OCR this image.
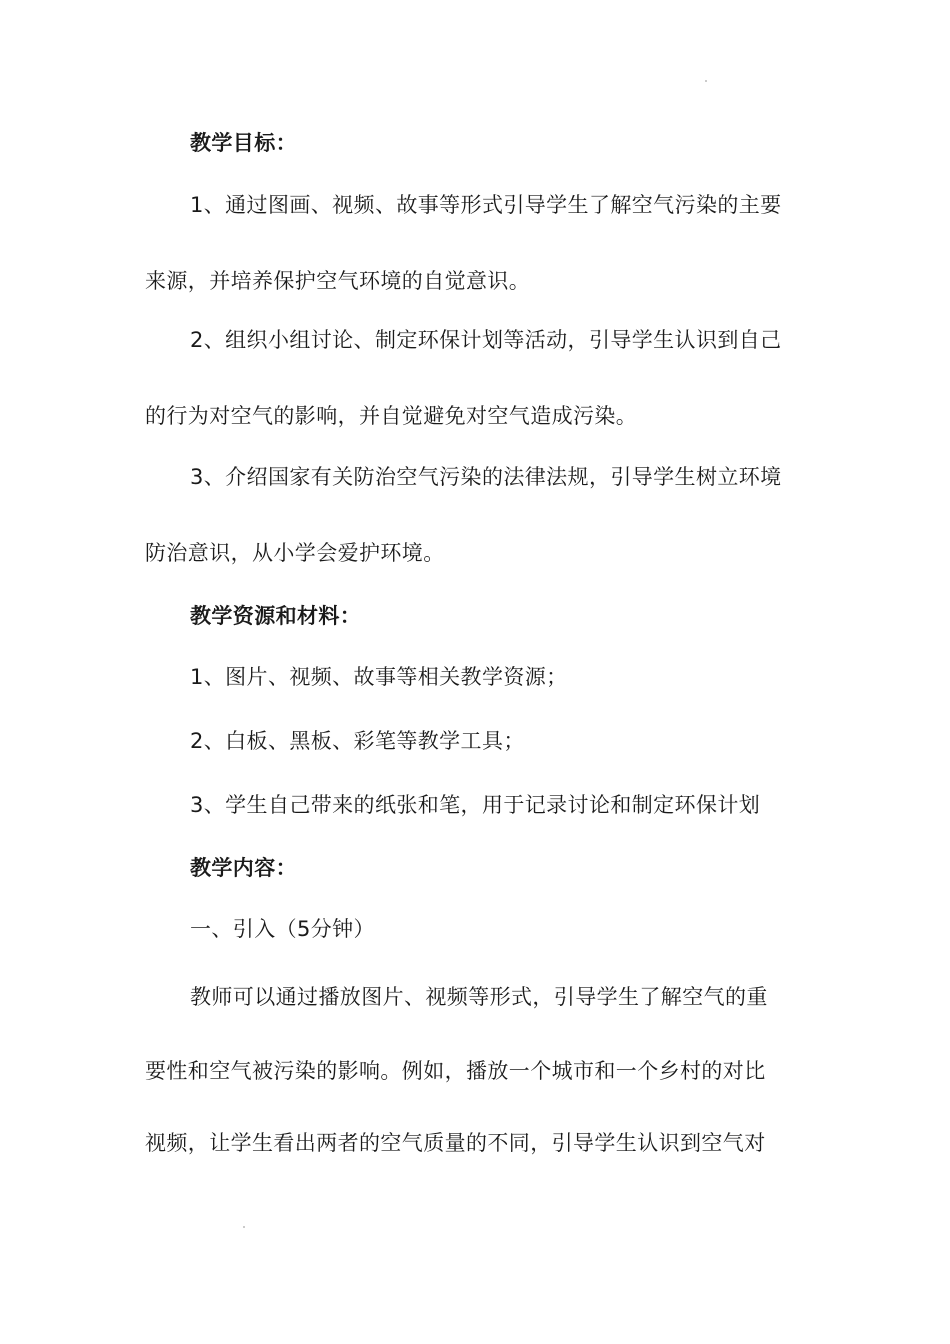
教学目标：
1、通过图画、视频、故事等形式引导学生了解空气污染的主要
来源，并培养保护空气环境的自觉意识。
2、组织小组讨论、制定环保计划等活动，引导学生认识到自己
的行为对空气的影响，并自觉避免对空气造成污染。
3、介绍国家有关防治空气污染的法律法规，引导学生树立环境
防治意识，从小学会爱护环境。
教学资源和材料：
1、图片、视频、故事等相关教学资源；
2、白板、黑板、彩笔等教学工具；
3、学生自己带来的纸张和笔，用于记录讨论和制定环保计划
教学内容：
一、引入（5分钟）
教师可以通过播放图片、视频等形式，引导学生了解空气的重
要性和空气被污染的影响。例如，播放一个城市和一个乡村的对比
视频，让学生看出两者的空气质量的不同，引导学生认识到空气对
